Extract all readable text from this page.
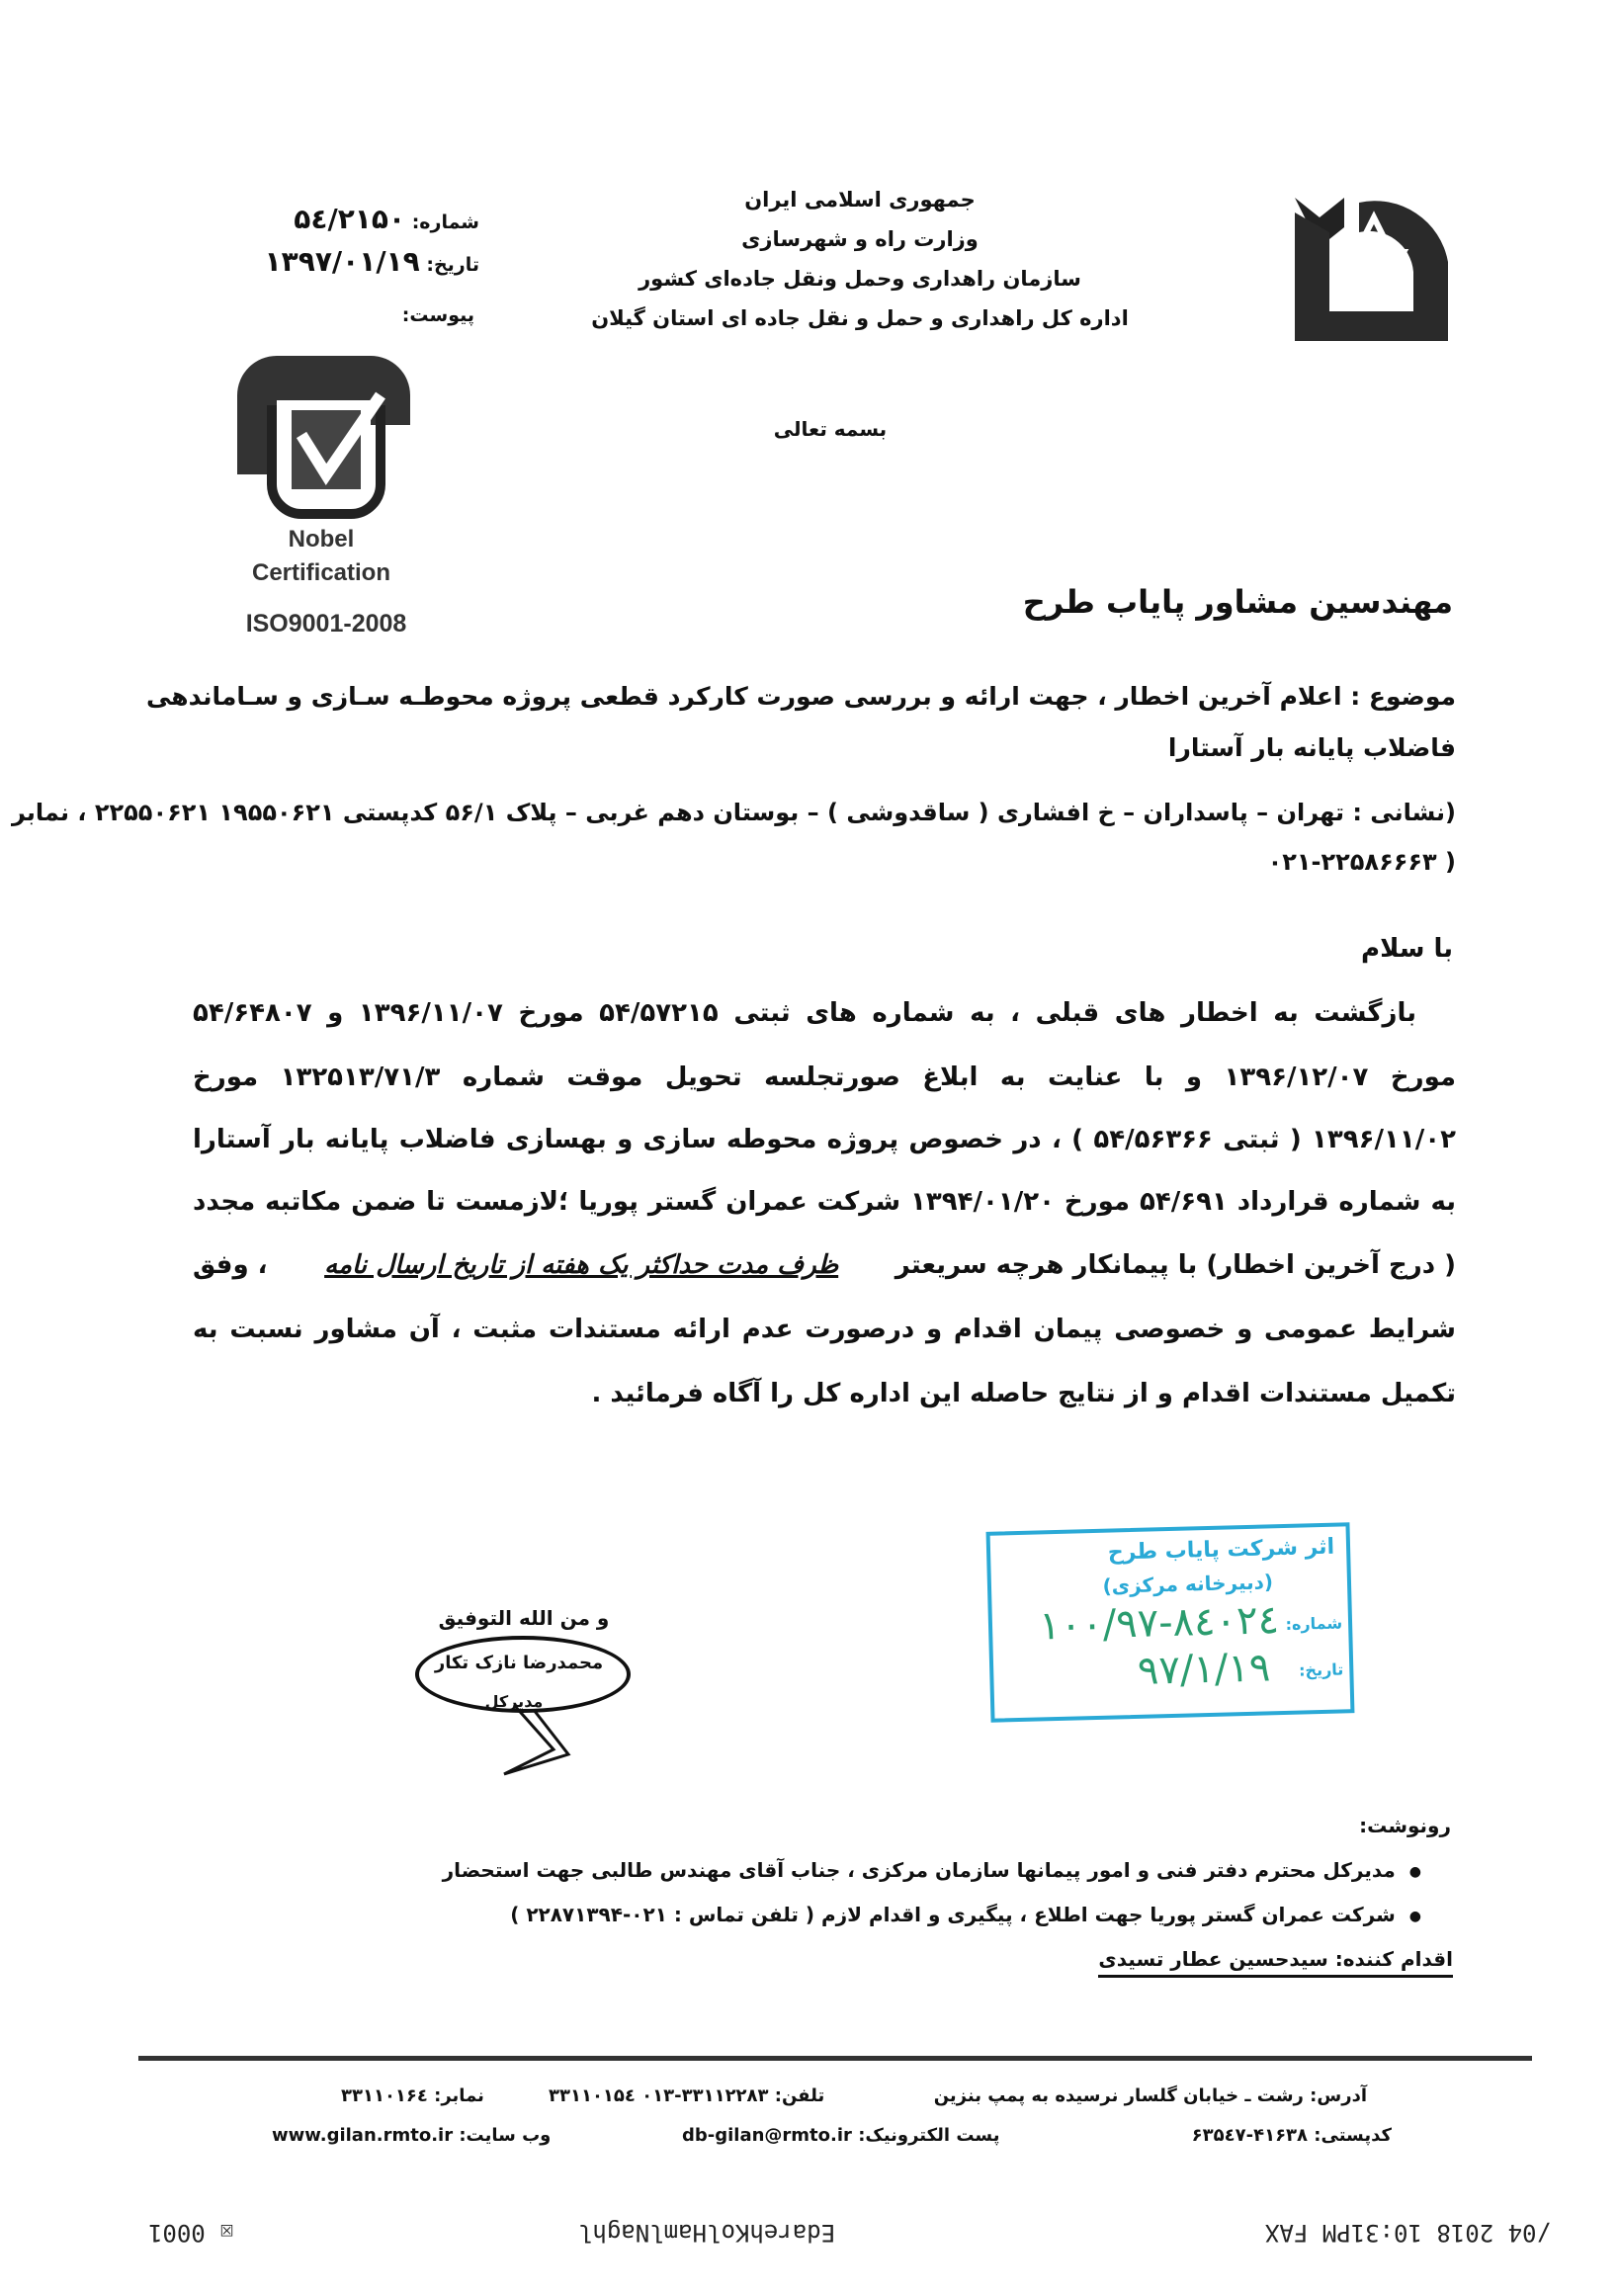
جمهوری اسلامی ایران
وزارت راه و شهرسازی
سازمان راهداری وحمل ونقل جاده‌ای کشور
اداره کل راهداری و حمل و نقل جاده ای استان گیلان
شماره: ۵٤/۲۱۵۰
تاریخ: ۱۳۹۷/۰۱/۱۹
پیوست:
Nobel
Certification
ISO9001-2008
بسمه تعالی
مهندسین مشاور پایاب طرح
موضوع : اعلام آخرین اخطار ، جهت ارائه و بررسی صورت کارکرد قطعی پروژه محوطـه سـازی و سـاماندهی
فاضلاب پایانه بار آستارا
(نشانی : تهران – پاسداران – خ افشاری ( ساقدوشی ) – بوستان دهم غربی – پلاک ۵۶/۱ کدپستی ۱۹۵۵۰۶۲۱ ۲۲۵۵۰۶۲۱ ، نمابر
( ۰۲۱-۲۲۵۸۶۶۶۳
با سلام
بازگشت به اخطار های قبلی ، به شماره های ثبتی ۵۴/۵۷۲۱۵ مورخ ۱۳۹۶/۱۱/۰۷ و ۵۴/۶۴۸۰۷
مورخ ۱۳۹۶/۱۲/۰۷ و با عنایت به ابلاغ صورتجلسه تحویل موقت شماره ۱۳۲۵۱۳/۷۱/۳ مورخ
۱۳۹۶/۱۱/۰۲ ( ثبتی ۵۴/۵۶۳۶۶ ) ، در خصوص پروژه محوطه سازی و بهسازی فاضلاب پایانه بار آستارا
به شماره قرارداد ۵۴/۶۹۱ مورخ ۱۳۹۴/۰۱/۲۰ شرکت عمران گستر پوریا ؛لازمست تا ضمن مکاتبه مجدد
( درج آخرین اخطار) با پیمانکار هرچه سریعتر
ظرف مدت حداکثر یک هفته از تاریخ ارسال نامه
، وفق
شرایط عمومی و خصوصی پیمان اقدام و درصورت عدم ارائه مستندات مثبت ، آن مشاور نسبت به
تکمیل مستندات اقدام و از نتایج حاصله این اداره کل را آگاه فرمائید .
و من الله التوفیق
محمدرضا نازک تکار
مدیرکل
اثر شرکت پایاب طرح
(دبیرخانه مرکزی)
شماره:
۱۰۰/۹۷-۸٤۰۲٤
تاریخ:
۹۷/۱/۱۹
رونوشت:
● مدیرکل محترم دفتر فنی و امور پیمانها سازمان مرکزی ، جناب آقای مهندس طالبی جهت استحضار
● شرکت عمران گستر پوریا جهت اطلاع ، پیگیری و اقدام لازم ( تلفن تماس : ۰۲۱-۲۲۸۷۱۳۹۴ )
اقدام کننده: سیدحسین عطار تسیدی
آدرس: رشت ـ خیابان گلسار نرسیده به پمپ بنزین
تلفن: ۳۳۱۱۲۲۸۳-۰۱۳ ۳۳۱۱۰۱۵٤
نمابر: ۳۳۱۱۰۱۶٤
کدپستی: ۴۱۶۳۸-۶۳۵٤۷
پست الکترونیک: db-gilan@rmto.ir
وب سایت: www.gilan.rmto.ir
/04 2018 10:31PM FAX
EdarehKolHamlNaghl
☒ 0001
